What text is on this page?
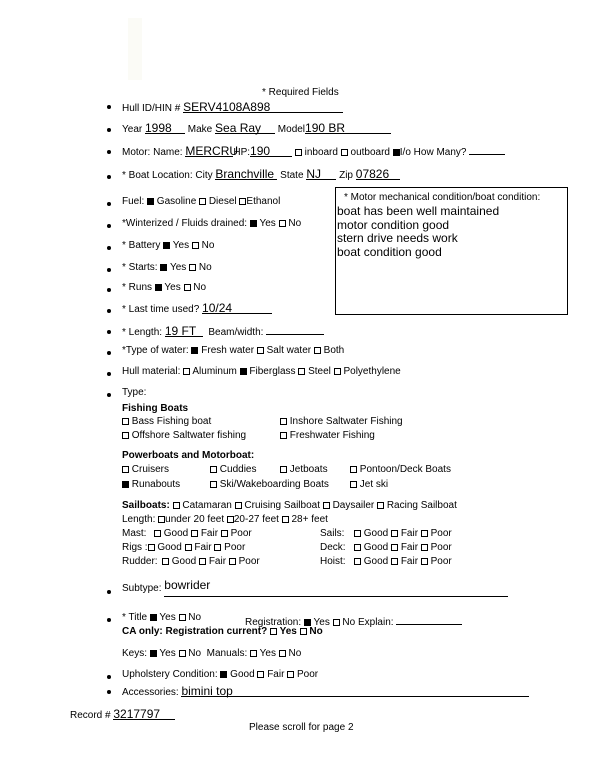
* Required Fields
Hull ID/HIN # SERV4108A898
Year 1998 Make Sea Ray Model190 BR
Motor: Name: MERCRUHP:190	inboard outboard I/o How Many?
* Boat Location: City Branchville State NJ Zip 07826
Fuel: Gasoline Diesel Ethanol	* Motor mechanical condition/boat condition:
boat has been well maintained
motor condition good
stern drive needs work
boat condition good
*Winterized / Fluids drained: Yes No
* Battery Yes No
* Starts: Yes No
* Runs Yes No
* Last time used? 10/24
* Length: 19 FT Beam/width:
*Type of water: Fresh water Salt water Both
Hull material: Aluminum Fiberglass Steel Polyethylene
Type:
Fishing Boats
Bass Fishing boat	Inshore Saltwater Fishing
Offshore Saltwater fishing	Freshwater Fishing
Powerboats and Motorboat:
Cruisers	Cuddies	Jetboats	Pontoon/Deck Boats
Runabouts	Ski/Wakeboarding Boats	Jet ski
Sailboats: Catamaran Cruising Sailboat Daysailer Racing Sailboat
Length: under 20 feet 20-27 feet 28+ feet
Mast: Good Fair Poor	Sails: Good Fair Poor
Rigs : Good Fair Poor	Deck: Good Fair Poor
Rudder: Good Fair Poor	Hoist: Good Fair Poor
Subtype: bowrider
* Title Yes No	Registration: Yes No Explain:
CA only: Registration current? Yes No
Keys: Yes No Manuals: Yes No
Upholstery Condition: Good Fair Poor
Accessories: bimini top
Record # 3217797
Please scroll for page 2
